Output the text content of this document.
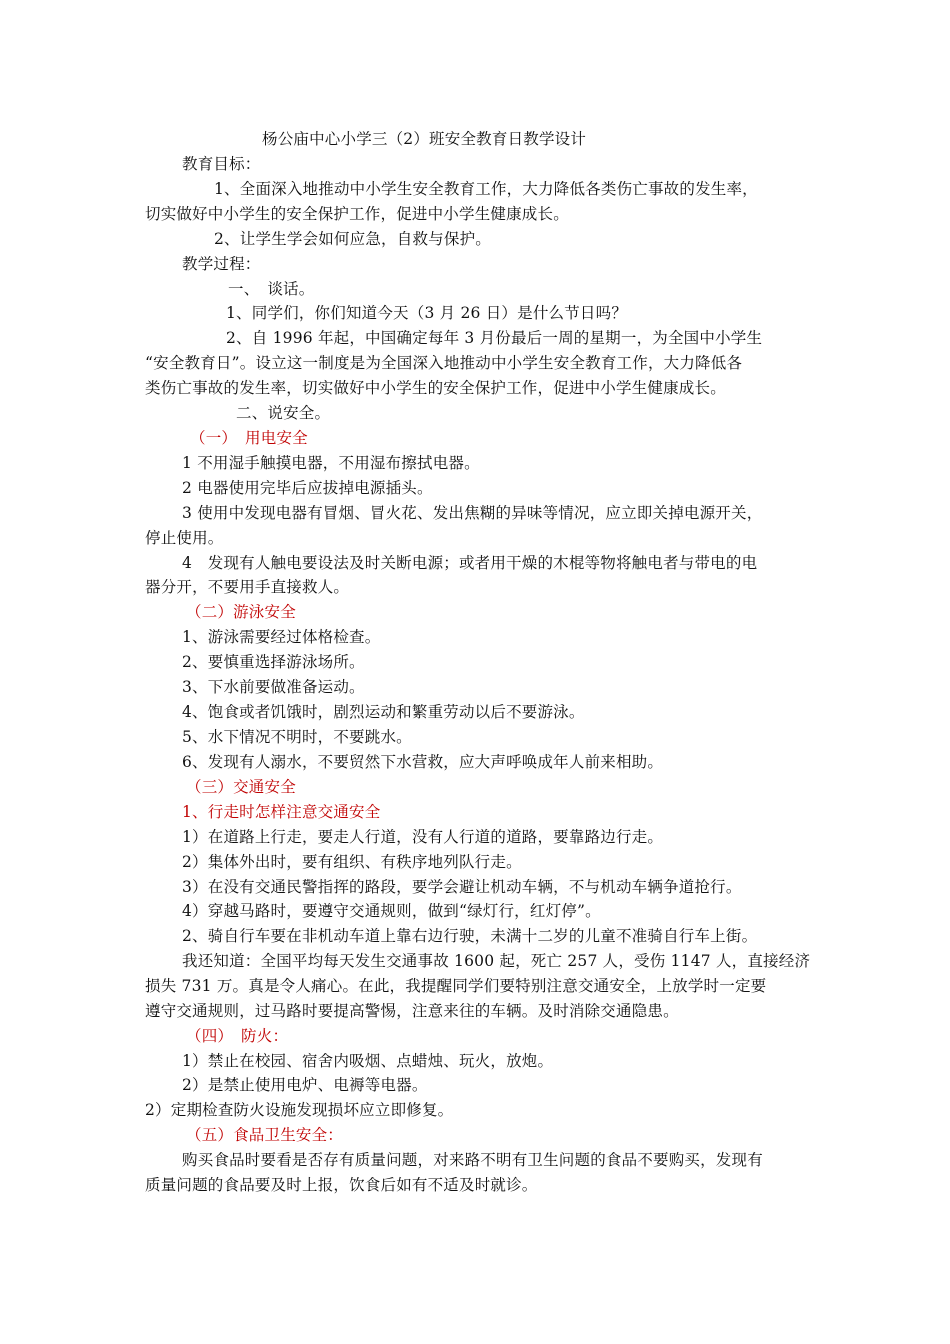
杨公庙中心小学三（2）班安全教育日教学设计
教育目标：
1、全面深入地推动中小学生安全教育工作，大力降低各类伤亡事故的发生率，
切实做好中小学生的安全保护工作，促进中小学生健康成长。
2、让学生学会如何应急，自救与保护。
教学过程：
一、　谈话。
1、同学们，你们知道今天（3 月 26 日）是什么节日吗？
2、自 1996 年起，中国确定每年 3 月份最后一周的星期一，为全国中小学生
“安全教育日”。设立这一制度是为全国深入地推动中小学生安全教育工作，大力降低各
类伤亡事故的发生率，切实做好中小学生的安全保护工作，促进中小学生健康成长。
二、说安全。
（一）　用电安全
1 不用湿手触摸电器，不用湿布擦拭电器。
2 电器使用完毕后应拔掉电源插头。
3 使用中发现电器有冒烟、冒火花、发出焦糊的异味等情况，应立即关掉电源开关，
停止使用。
4　发现有人触电要设法及时关断电源；或者用干燥的木棍等物将触电者与带电的电
器分开，不要用手直接救人。
（二）游泳安全
1、游泳需要经过体格检查。
2、要慎重选择游泳场所。
3、下水前要做准备运动。
4、饱食或者饥饿时，剧烈运动和繁重劳动以后不要游泳。
5、水下情况不明时，不要跳水。
6、发现有人溺水，不要贸然下水营救，应大声呼唤成年人前来相助。
（三）交通安全
1、行走时怎样注意交通安全
1）在道路上行走，要走人行道，没有人行道的道路，要靠路边行走。
2）集体外出时，要有组织、有秩序地列队行走。
3）在没有交通民警指挥的路段，要学会避让机动车辆，不与机动车辆争道抢行。
4）穿越马路时，要遵守交通规则，做到“绿灯行，红灯停”。
2、骑自行车要在非机动车道上靠右边行驶，未满十二岁的儿童不准骑自行车上街。
我还知道：全国平均每天发生交通事故 1600 起，死亡 257 人，受伤 1147 人，直接经济
损失 731 万。真是令人痛心。在此，我提醒同学们要特别注意交通安全，上放学时一定要
遵守交通规则，过马路时要提高警惕，注意来往的车辆。及时消除交通隐患。
（四）　防火：
1）禁止在校园、宿舍内吸烟、点蜡烛、玩火，放炮。
2）是禁止使用电炉、电褥等电器。
2）定期检查防火设施发现损坏应立即修复。
（五）食品卫生安全：
购买食品时要看是否存有质量问题，对来路不明有卫生问题的食品不要购买，发现有
质量问题的食品要及时上报，饮食后如有不适及时就诊。
